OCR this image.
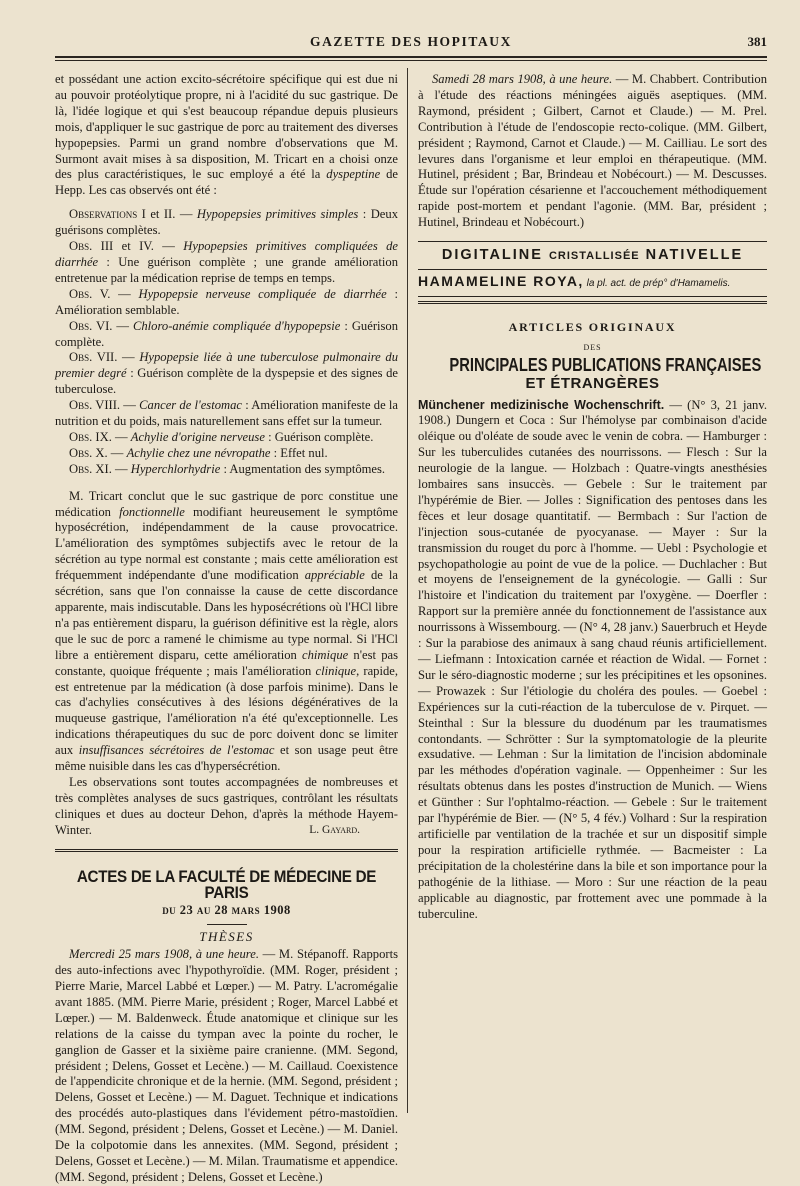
GAZETTE DES HOPITAUX	381

et possédant une action excito-sécrétoire spécifique qui est due ni au pouvoir protéolytique propre, ni à l'acidité du suc gastrique. De là, l'idée logique et qui s'est beaucoup répandue depuis plusieurs mois, d'appliquer le suc gastrique de porc au traitement des diverses hypopepsies. Parmi un grand nombre d'observations que M. Surmont avait mises à sa disposition, M. Tricart en a choisi onze des plus caractéristiques, le suc employé a été la dyspeptine de Hepp. Les cas observés ont été :

Observations I et II. — Hypopepsies primitives simples : Deux guérisons complètes.

Obs. III et IV. — Hypopepsies primitives compliquées de diarrhée : Une guérison complète ; une grande amélioration entretenue par la médication reprise de temps en temps.

Obs. V. — Hypopepsie nerveuse compliquée de diarrhée : Amélioration semblable.

Obs. VI. — Chloro-anémie compliquée d'hypopepsie : Guérison complète.

Obs. VII. — Hypopepsie liée à une tuberculose pulmonaire du premier degré : Guérison complète de la dyspepsie et des signes de tuberculose.

Obs. VIII. — Cancer de l'estomac : Amélioration manifeste de la nutrition et du poids, mais naturellement sans effet sur la tumeur.

Obs. IX. — Achylie d'origine nerveuse : Guérison complète.

Obs. X. — Achylie chez une névropathe : Effet nul.

Obs. XI. — Hyperchlorhydrie : Augmentation des symptômes.

M. Tricart conclut que le suc gastrique de porc constitue une médication fonctionnelle modifiant heureusement le symptôme hyposécrétion, indépendamment de la cause provocatrice. L'amélioration des symptômes subjectifs avec le retour de la sécrétion au type normal est constante ; mais cette amélioration est fréquemment indépendante d'une modification appréciable de la sécrétion, sans que l'on connaisse la cause de cette discordance apparente, mais indiscutable. Dans les hyposécrétions où l'HCl libre n'a pas entièrement disparu, la guérison définitive est la règle, alors que le suc de porc a ramené le chimisme au type normal. Si l'HCl libre a entièrement disparu, cette amélioration chimique n'est pas constante, quoique fréquente ; mais l'amélioration clinique, rapide, est entretenue par la médication (à dose parfois minime). Dans le cas d'achylies consécutives à des lésions dégénératives de la muqueuse gastrique, l'amélioration n'a été qu'exceptionnelle. Les indications thérapeutiques du suc de porc doivent donc se limiter aux insuffisances sécrétoires de l'estomac et son usage peut être même nuisible dans les cas d'hypersécrétion.

Les observations sont toutes accompagnées de nombreuses et très complètes analyses de sucs gastriques, contrôlant les résultats cliniques et dues au docteur Dehon, d'après la méthode Hayem-Winter.	L. Gayard.

ACTES DE LA FACULTÉ DE MÉDECINE DE PARIS
du 23 au 28 mars 1908
THÈSES

Mercredi 25 mars 1908, à une heure. — M. Stépanoff. Rapports des auto-infections avec l'hypothyroïdie. (MM. Roger, président ; Pierre Marie, Marcel Labbé et Lœper.) — M. Patry. L'acromégalie avant 1885. (MM. Pierre Marie, président ; Roger, Marcel Labbé et Lœper.) — M. Baldenweck. Étude anatomique et clinique sur les relations de la caisse du tympan avec la pointe du rocher, le ganglion de Gasser et la sixième paire cranienne. (MM. Segond, président ; Delens, Gosset et Lecène.) — M. Caillaud. Coexistence de l'appendicite chronique et de la hernie. (MM. Segond, président ; Delens, Gosset et Lecène.) — M. Daguet. Technique et indications des procédés auto-plastiques dans l'évidement pétro-mastoïdien. (MM. Segond, président ; Delens, Gosset et Lecène.) — M. Daniel. De la colpotomie dans les annexites. (MM. Segond, président ; Delens, Gosset et Lecène.) — M. Milan. Traumatisme et appendice. (MM. Segond, président ; Delens, Gosset et Lecène.)

Samedi 28 mars 1908, à une heure. — M. Chabbert. Contribution à l'étude des réactions méningées aiguës aseptiques. (MM. Raymond, président ; Gilbert, Carnot et Claude.) — M. Prel. Contribution à l'étude de l'endoscopie recto-colique. (MM. Gilbert, président ; Raymond, Carnot et Claude.) — M. Cailliau. Le sort des levures dans l'organisme et leur emploi en thérapeutique. (MM. Hutinel, président ; Bar, Brindeau et Nobécourt.) — M. Descusses. Étude sur l'opération césarienne et l'accouchement méthodiquement rapide post-mortem et pendant l'agonie. (MM. Bar, président ; Hutinel, Brindeau et Nobécourt.)

DIGITALINE CRISTALLISÉE NATIVELLE
HAMAMELINE ROYA, la pl. act. de prép° d'Hamamelis.
ARTICLES ORIGINAUX
DES
PRINCIPALES PUBLICATIONS FRANÇAISES
ET ÉTRANGÈRES

Münchener medizinische Wochenschrift. — (N° 3, 21 janv. 1908.) Dungern et Coca : Sur l'hémolyse par combinaison d'acide oléique ou d'oléate de soude avec le venin de cobra. — Hamburger : Sur les tuberculides cutanées des nourrissons. — Flesch : Sur la neurologie de la langue. — Holzbach : Quatre-vingts anesthésies lombaires sans insuccès. — Gebele : Sur le traitement par l'hypérémie de Bier. — Jolles : Signification des pentoses dans les fèces et leur dosage quantitatif. — Bermbach : Sur l'action de l'injection sous-cutanée de pyocyanase. — Mayer : Sur la transmission du rouget du porc à l'homme. — Uebl : Psychologie et psychopathologie au point de vue de la police. — Duchlacher : But et moyens de l'enseignement de la gynécologie. — Galli : Sur l'histoire et l'indication du traitement par l'oxygène. — Doerfler : Rapport sur la première année du fonctionnement de l'assistance aux nourrissons à Wissembourg. — (N° 4, 28 janv.) Sauerbruch et Heyde : Sur la parabiose des animaux à sang chaud réunis artificiellement. — Liefmann : Intoxication carnée et réaction de Widal. — Fornet : Sur le séro-diagnostic moderne ; sur les précipitines et les opsonines. — Prowazek : Sur l'étiologie du choléra des poules. — Goebel : Expériences sur la cuti-réaction de la tuberculose de v. Pirquet. — Steinthal : Sur la blessure du duodénum par les traumatismes contondants. — Schrötter : Sur la symptomatologie de la pleurite exsudative. — Lehman : Sur la limitation de l'incision abdominale par les méthodes d'opération vaginale. — Oppenheimer : Sur les résultats obtenus dans les postes d'instruction de Munich. — Wiens et Günther : Sur l'ophtalmo-réaction. — Gebele : Sur le traitement par l'hypérémie de Bier. — (N° 5, 4 fév.) Volhard : Sur la respiration artificielle par ventilation de la trachée et sur un dispositif simple pour la respiration artificielle rythmée. — Bacmeister : La précipitation de la cholestérine dans la bile et son importance pour la pathogénie de la lithiase. — Moro : Sur une réaction de la peau applicable au diagnostic, par frottement avec une pommade à la tuberculine.
